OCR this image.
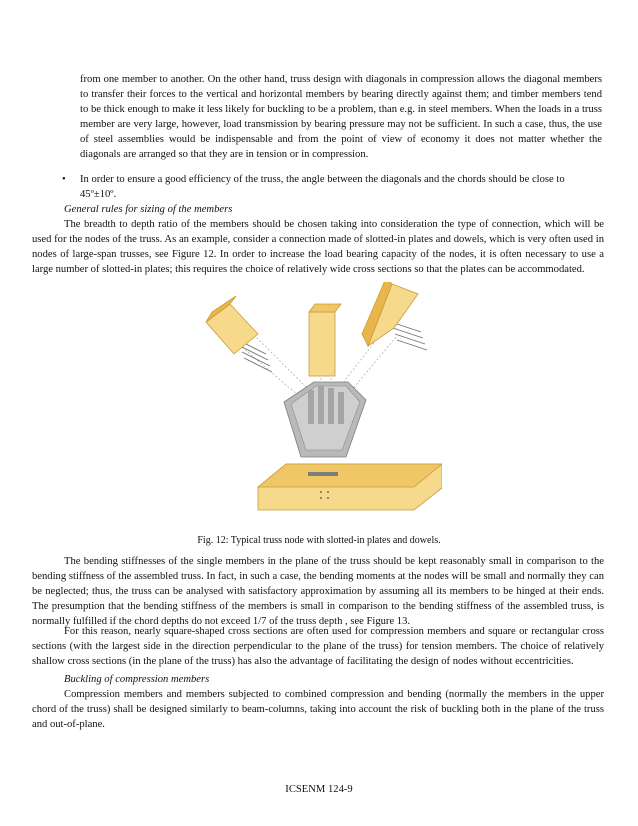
from one member to another. On the other hand, truss design with diagonals in compression allows the diagonal members to transfer their forces to the vertical and horizontal members by bearing directly against them; and timber members tend to be thick enough to make it less likely for buckling to be a problem, than e.g. in steel members. When the loads in a truss member are very large, however, load transmission by bearing pressure may not be sufficient. In such a case, thus, the use of steel assemblies would be indispensable and from the point of view of economy it does not matter whether the diagonals are arranged so that they are in tension or in compression.

•	In order to ensure a good efficiency of the truss, the angle between the diagonals and the chords should be close to 45º±10º.

General rules for sizing of the members

The breadth to depth ratio of the members should be chosen taking into consideration the type of connection, which will be used for the nodes of the truss. As an example, consider a connection made of slotted-in plates and dowels, which is very often used in nodes of large-span trusses, see Figure 12. In order to increase the load bearing capacity of the nodes, it is often necessary to use a large number of slotted-in plates; this requires the choice of relatively wide cross sections so that the plates can be accommodated.

Fig. 12: Typical truss node with slotted-in plates and dowels.

The bending stiffnesses of the single members in the plane of the truss should be kept reasonably small in comparison to the bending stiffness of the assembled truss. In fact, in such a case, the bending moments at the nodes will be small and normally they can be neglected; thus, the truss can be analysed with satisfactory approximation by assuming all its members to be hinged at their ends. The presumption that the bending stiffness of the members is small in comparison to the bending stiffness of the assembled truss, is normally fulfilled if the chord depths do not exceed 1/7 of the truss depth , see Figure 13.

For this reason, nearly square-shaped cross sections are often used for compression members and square or rectangular cross sections (with the largest side in the direction perpendicular to the plane of the truss) for tension members. The choice of relatively shallow cross sections (in the plane of the truss) has also the advantage of facilitating the design of nodes without eccentricities.

Buckling of compression members

Compression members and members subjected to combined compression and bending (normally the members in the upper chord of the truss) shall be designed similarly to beam-columns, taking into account the risk of buckling both in the plane of the truss and out-of-plane.

ICSENM 124-9
